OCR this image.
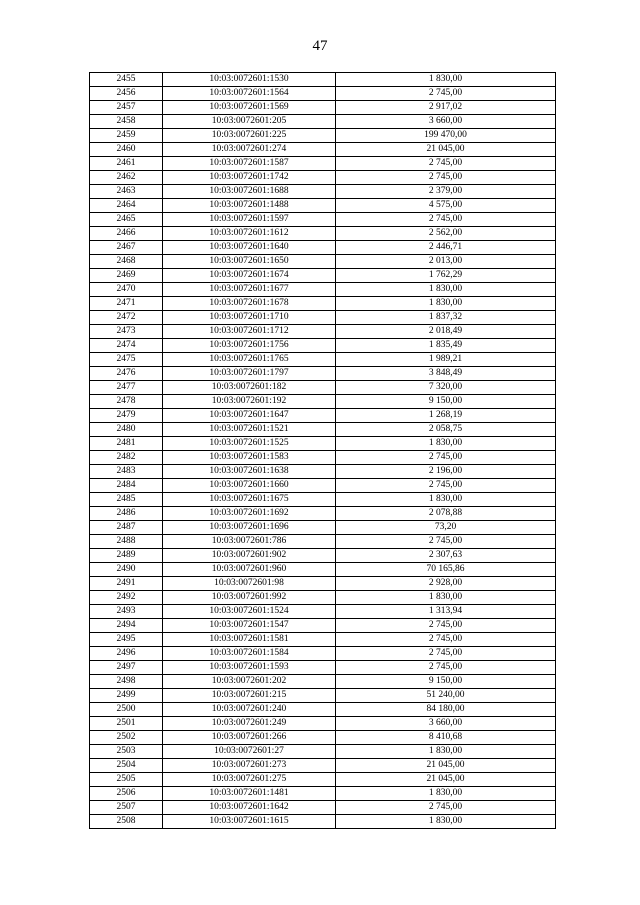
47
2455	10:03:0072601:1530	1 830,00
2456	10:03:0072601:1564	2 745,00
2457	10:03:0072601:1569	2 917,02
2458	10:03:0072601:205	3 660,00
2459	10:03:0072601:225	199 470,00
2460	10:03:0072601:274	21 045,00
2461	10:03:0072601:1587	2 745,00
2462	10:03:0072601:1742	2 745,00
2463	10:03:0072601:1688	2 379,00
2464	10:03:0072601:1488	4 575,00
2465	10:03:0072601:1597	2 745,00
2466	10:03:0072601:1612	2 562,00
2467	10:03:0072601:1640	2 446,71
2468	10:03:0072601:1650	2 013,00
2469	10:03:0072601:1674	1 762,29
2470	10:03:0072601:1677	1 830,00
2471	10:03:0072601:1678	1 830,00
2472	10:03:0072601:1710	1 837,32
2473	10:03:0072601:1712	2 018,49
2474	10:03:0072601:1756	1 835,49
2475	10:03:0072601:1765	1 989,21
2476	10:03:0072601:1797	3 848,49
2477	10:03:0072601:182	7 320,00
2478	10:03:0072601:192	9 150,00
2479	10:03:0072601:1647	1 268,19
2480	10:03:0072601:1521	2 058,75
2481	10:03:0072601:1525	1 830,00
2482	10:03:0072601:1583	2 745,00
2483	10:03:0072601:1638	2 196,00
2484	10:03:0072601:1660	2 745,00
2485	10:03:0072601:1675	1 830,00
2486	10:03:0072601:1692	2 078,88
2487	10:03:0072601:1696	73,20
2488	10:03:0072601:786	2 745,00
2489	10:03:0072601:902	2 307,63
2490	10:03:0072601:960	70 165,86
2491	10:03:0072601:98	2 928,00
2492	10:03:0072601:992	1 830,00
2493	10:03:0072601:1524	1 313,94
2494	10:03:0072601:1547	2 745,00
2495	10:03:0072601:1581	2 745,00
2496	10:03:0072601:1584	2 745,00
2497	10:03:0072601:1593	2 745,00
2498	10:03:0072601:202	9 150,00
2499	10:03:0072601:215	51 240,00
2500	10:03:0072601:240	84 180,00
2501	10:03:0072601:249	3 660,00
2502	10:03:0072601:266	8 410,68
2503	10:03:0072601:27	1 830,00
2504	10:03:0072601:273	21 045,00
2505	10:03:0072601:275	21 045,00
2506	10:03:0072601:1481	1 830,00
2507	10:03:0072601:1642	2 745,00
2508	10:03:0072601:1615	1 830,00
